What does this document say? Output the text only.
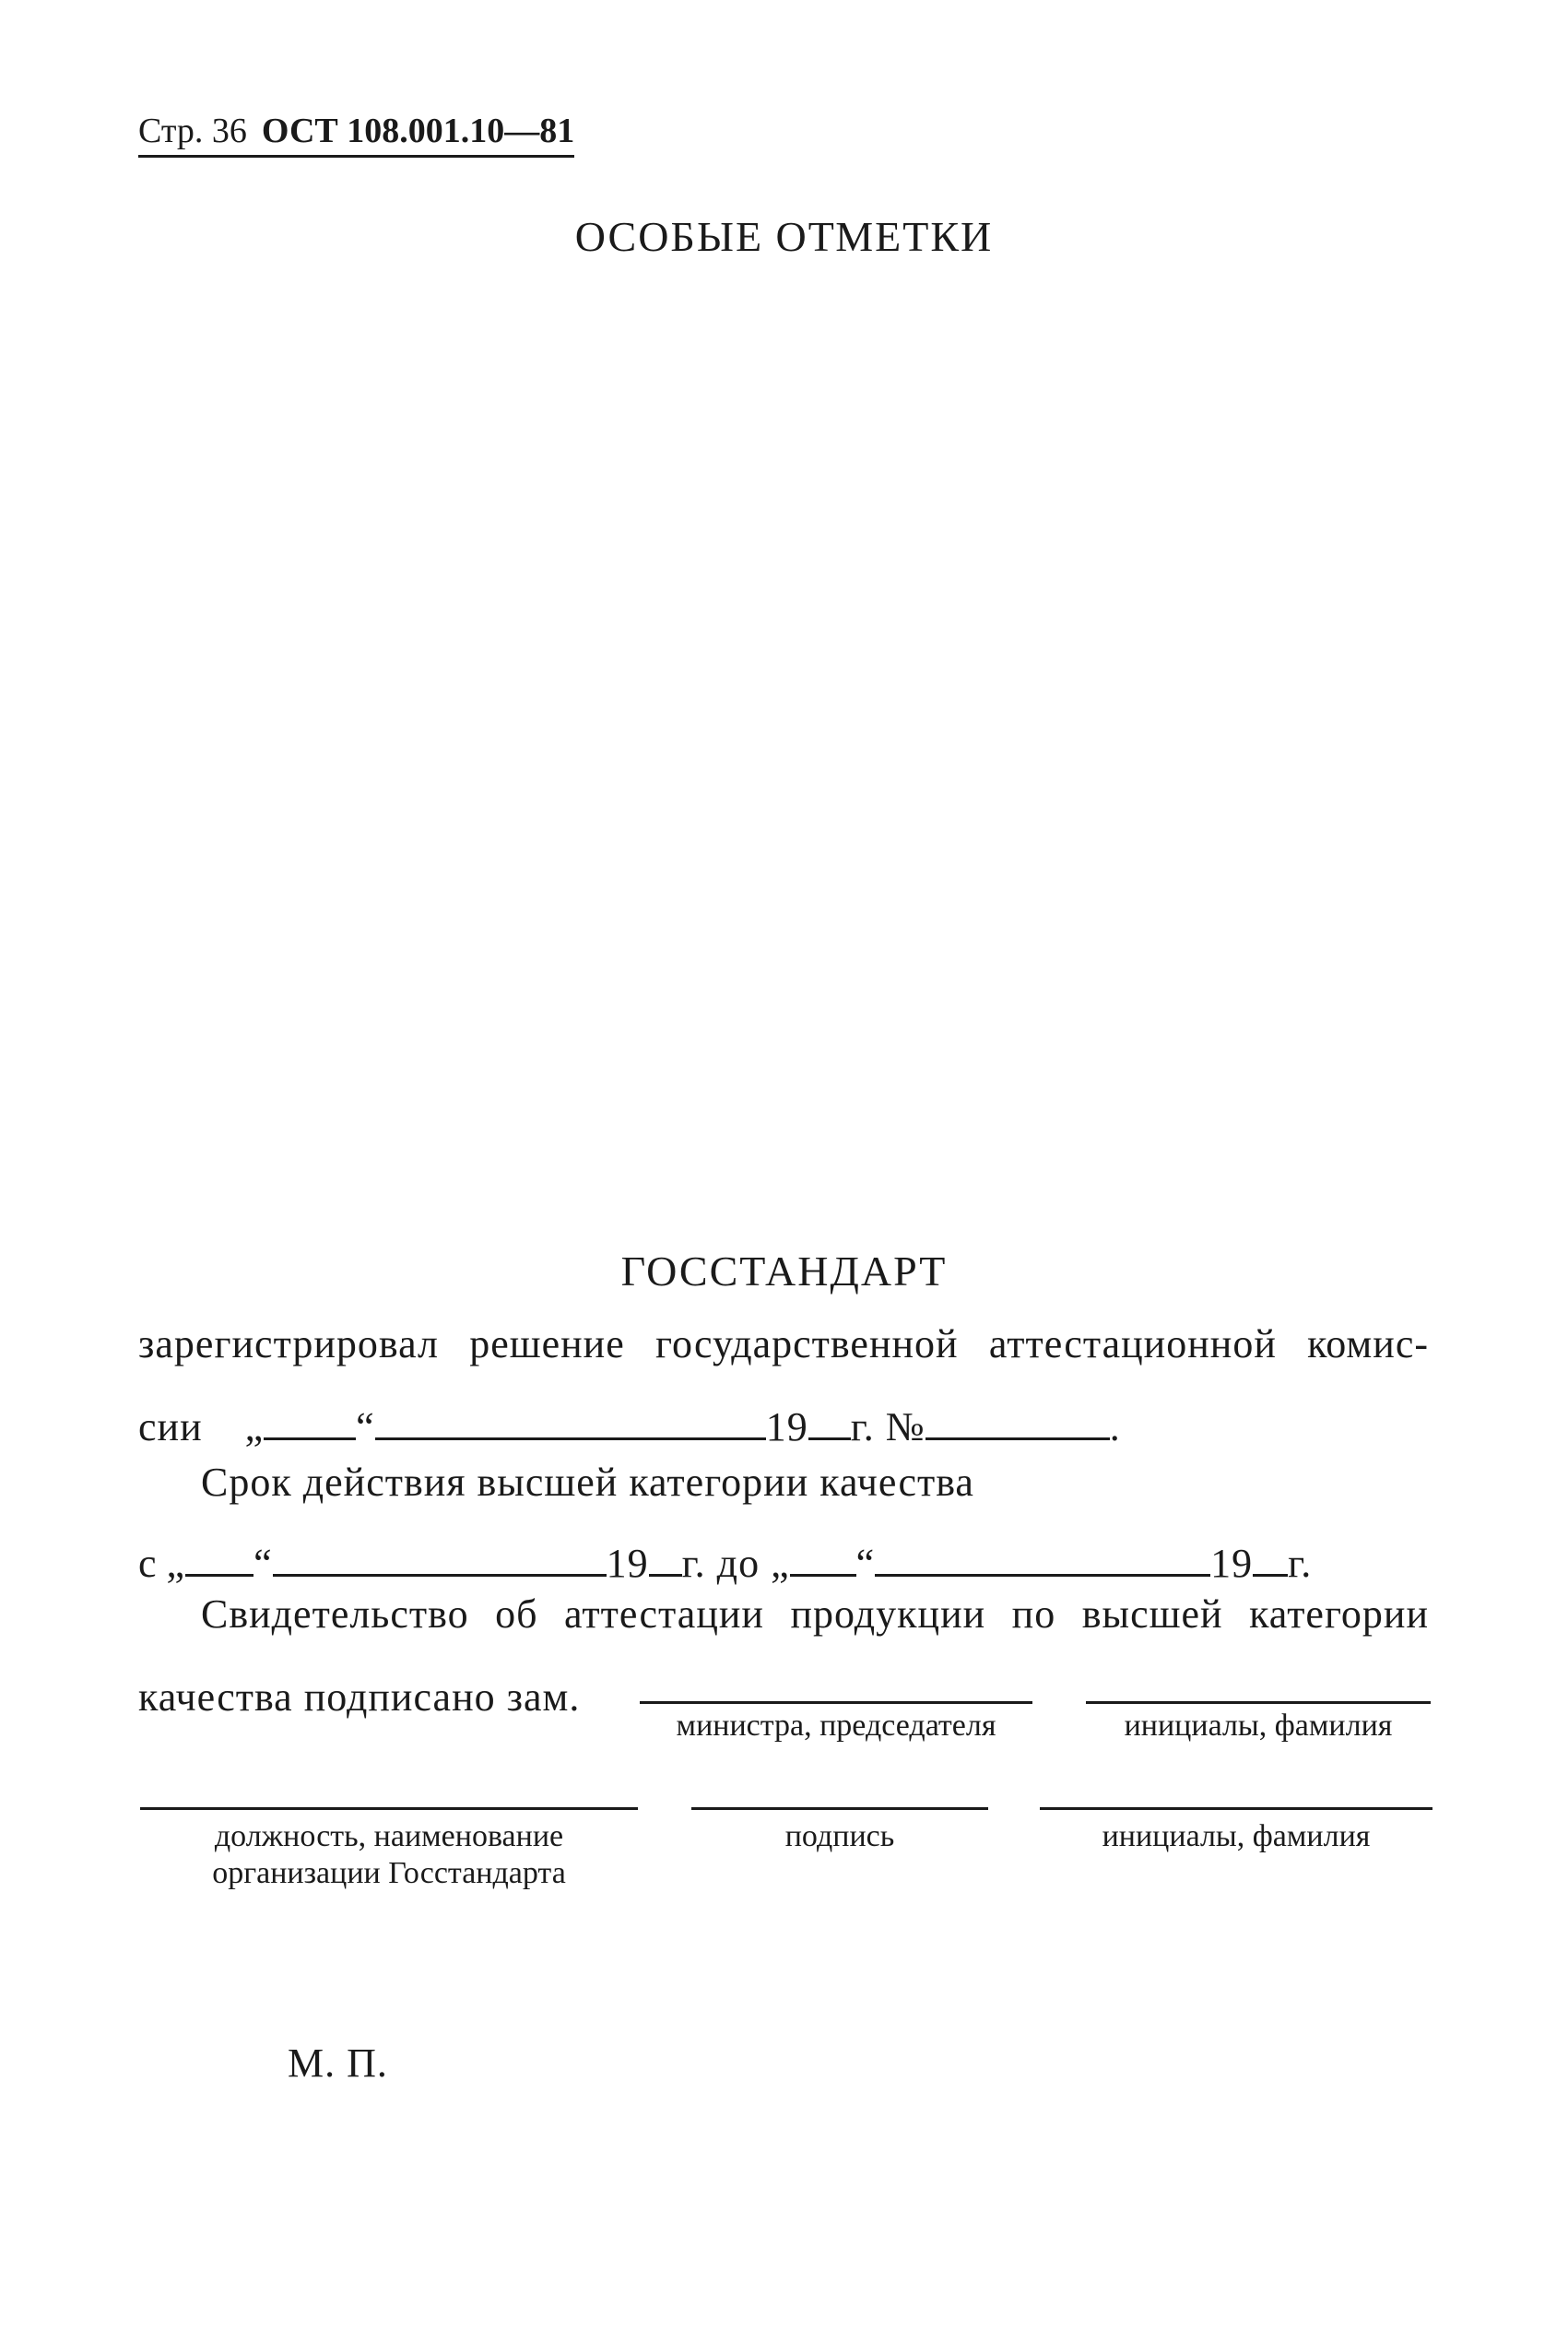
Стр. 36 ОСТ 108.001.10—81
ОСОБЫЕ ОТМЕТКИ
ГОССТАНДАРТ
зарегистрировал решение государственной аттестационной комис-
сии „ “	19 г. №	.
Срок действия высшей категории качества
с „ “	19 г. до „ “	19 г.
Свидетельство об аттестации продукции по высшей категории
качества подписано зам.
министра, председателя	инициалы, фамилия
должность, наименование
организации Госстандарта
подпись	инициалы, фамилия
М. П.
